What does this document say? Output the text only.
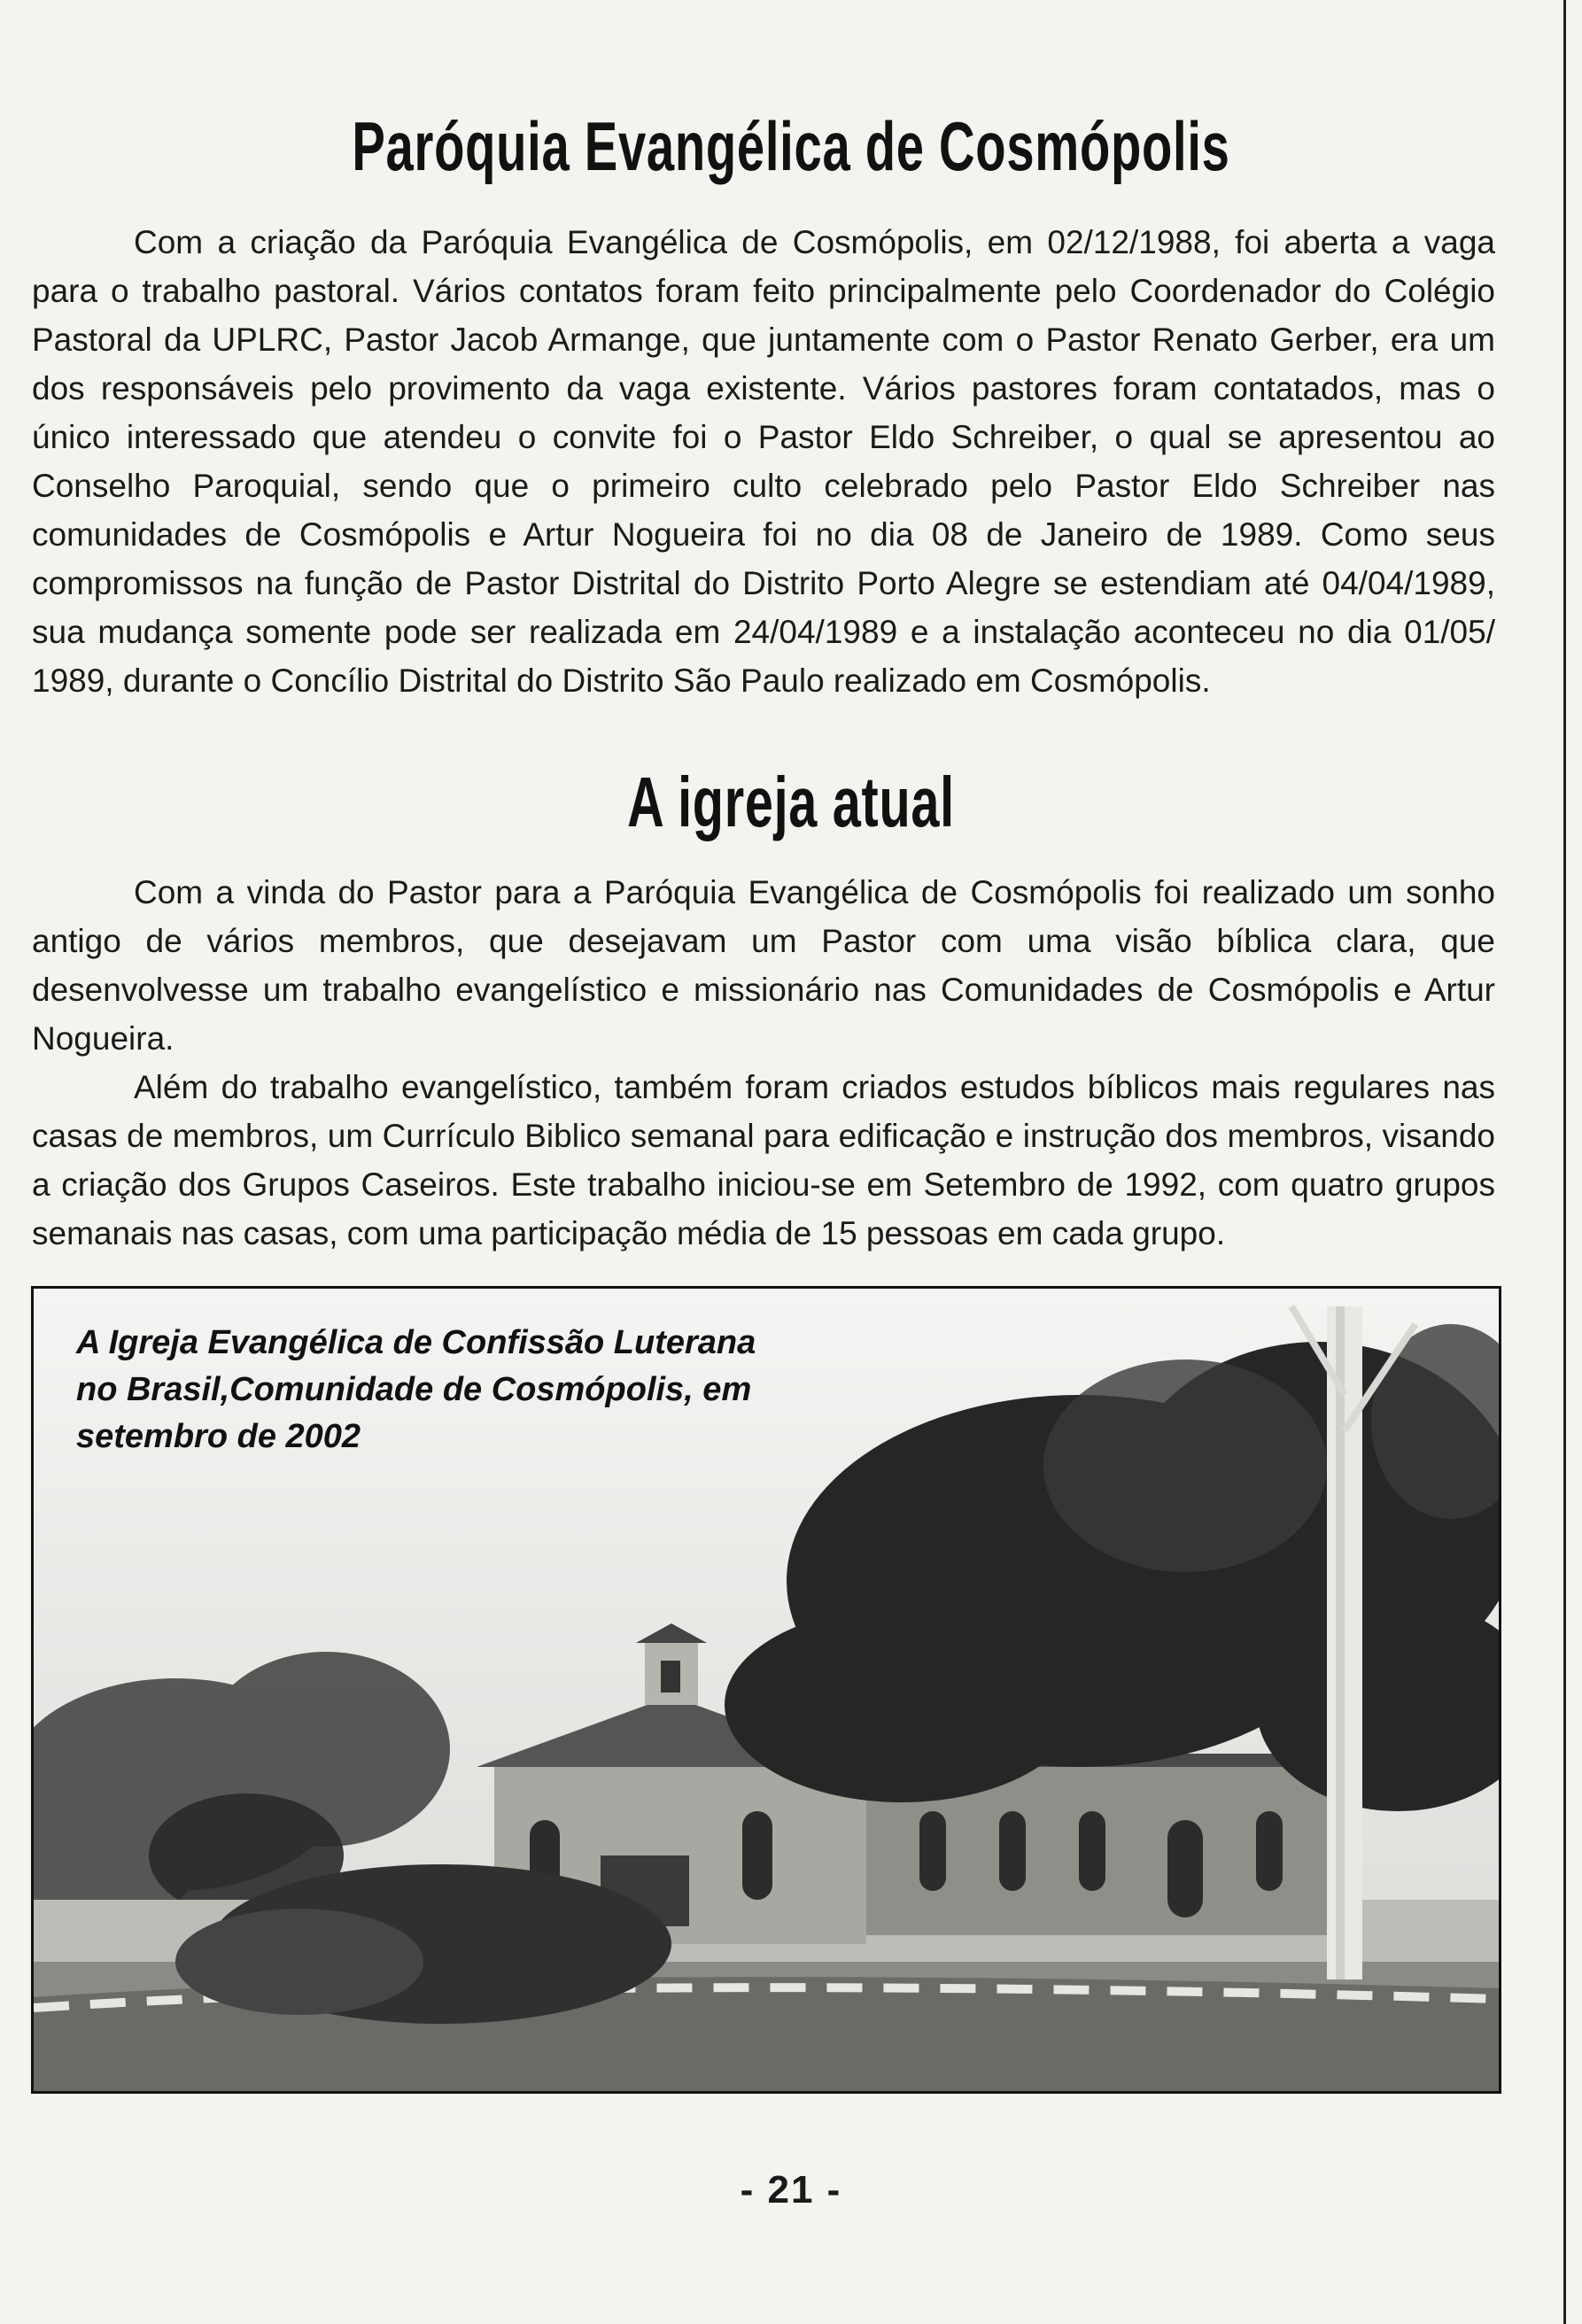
Paróquia Evangélica de Cosmópolis

Com a criação da Paróquia Evangélica de Cosmópolis, em 02/12/1988, foi aberta a vaga para o trabalho pastoral. Vários contatos foram feito principalmente pelo Coordenador do Colégio Pastoral da UPLRC, Pastor Jacob Armange, que juntamente com o Pastor Renato Gerber, era um dos responsáveis pelo provimento da vaga existente. Vários pastores foram contatados, mas o único interessado que atendeu o convite foi o Pastor Eldo Schreiber, o qual se apresentou ao Conselho Paroquial, sendo que o primeiro culto celebrado pelo Pastor Eldo Schreiber nas comunidades de Cosmópolis e Artur Nogueira foi no dia 08 de Janeiro de 1989. Como seus compromissos na função de Pastor Distrital do Distrito Porto Alegre se estendiam até 04/04/1989, sua mudança somente pode ser realizada em 24/04/1989 e a instalação aconteceu no dia 01/05/ 1989, durante o Concílio Distrital do Distrito São Paulo realizado em Cosmópolis.

A igreja atual

Com a vinda do Pastor para a Paróquia Evangélica de Cosmópolis foi realizado um sonho antigo de vários membros, que desejavam um Pastor com uma visão bíblica clara, que desenvolvesse um trabalho evangelístico e missionário nas Comunidades de Cosmópolis e Artur Nogueira.

Além do trabalho evangelístico, também foram criados estudos bíblicos mais regulares nas casas de membros, um Currículo Biblico semanal para edificação e instrução dos membros, visando a criação dos Grupos Caseiros. Este trabalho iniciou-se em Setembro de 1992, com quatro grupos semanais nas casas, com uma participação média de 15 pessoas em cada grupo.

A Igreja Evangélica de Confissão Luterana
no Brasil,Comunidade de Cosmópolis, em
setembro de 2002
- 21 -
